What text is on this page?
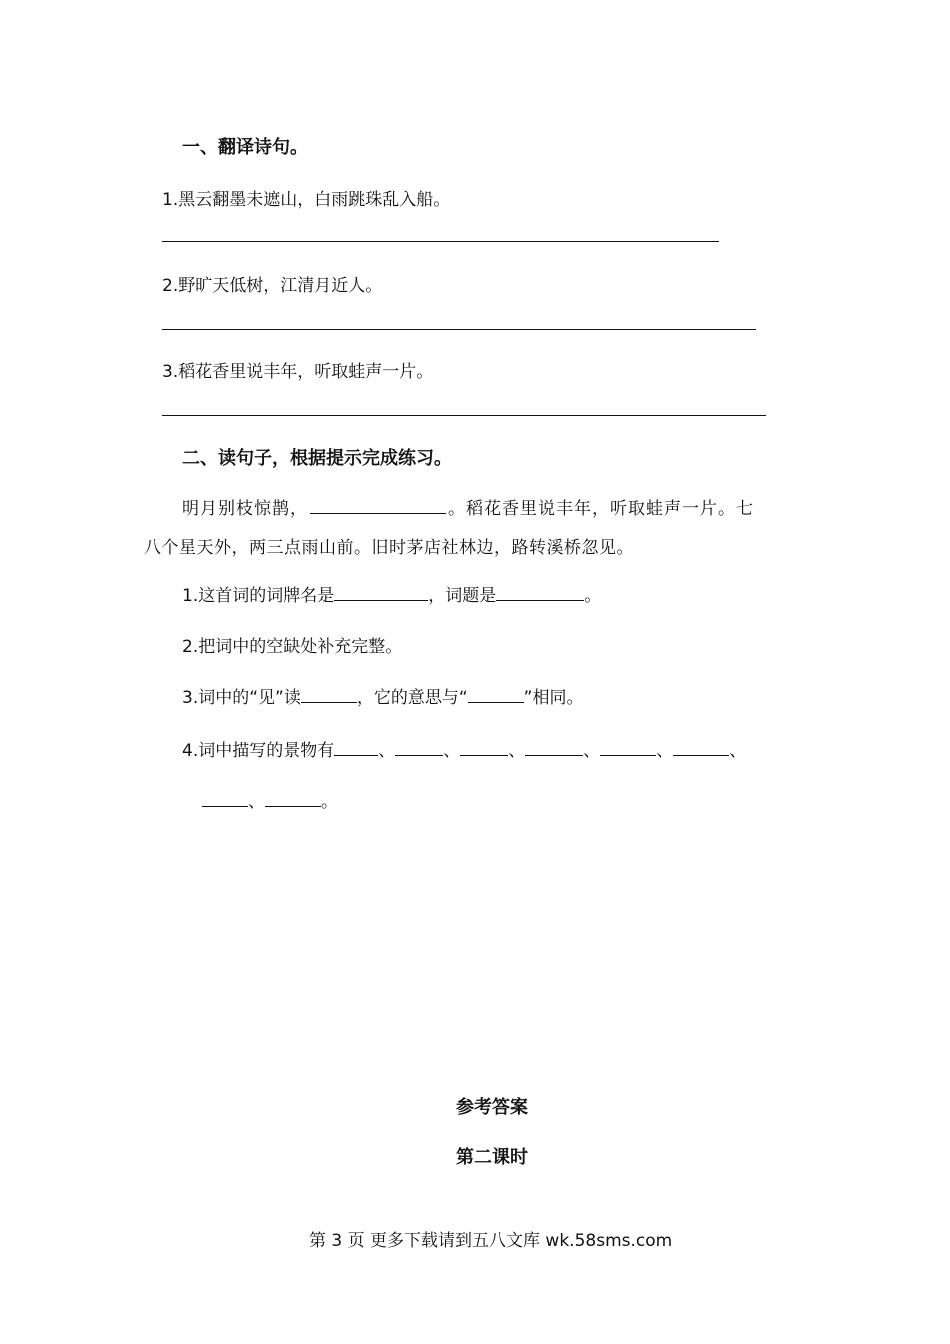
一、翻译诗句。
1.黑云翻墨未遮山，白雨跳珠乱入船。
2.野旷天低树，江清月近人。
3.稻花香里说丰年，听取蛙声一片。
二、读句子，根据提示完成练习。
明月别枝惊鹊，	。稻花香里说丰年，听取蛙声一片。七
八个星天外，两三点雨山前。旧时茅店社林边，路转溪桥忽见。
1.这首词的词牌名是	，词题是	。
2.把词中的空缺处补充完整。
3.词中的“见”读	，它的意思与“	”相同。
4.词中描写的景物有	、	、	、	、	、	、
、	。
参考答案
第二课时
第 3 页 更多下载请到五八文库 wk.58sms.com
